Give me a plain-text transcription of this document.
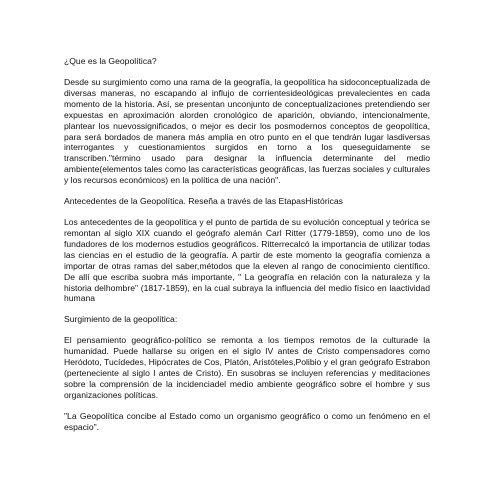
¿Que es la Geopolítica?

Desde su surgimiento como una rama de la geografía, la geopolítica ha sidoconceptualizada de diversas maneras, no escapando al influjo de corrientesideológicas prevalecientes en cada momento de la historia. Así, se presentan unconjunto de conceptualizaciones pretendiendo ser expuestas en aproximación alorden cronológico de aparición, obviando, intencionalmente, plantear los nuevossignificados, o mejor es decir los posmodernos conceptos de geopolítica, para será bordados de manera más amplia en otro punto en el que tendrán lugar lasdiversas interrogantes y cuestionamientos surgidos en torno a los queseguidamente se transcriben."término usado para designar la influencia determinante del medio ambiente(elementos tales como las características geográficas, las fuerzas sociales y culturales y los recursos económicos) en la política de una nación".

Antecedentes de la Geopolítica. Reseña a través de las EtapasHistóricas

Los antecedentes de la geopolítica y el punto de partida de su evolución conceptual y teórica se remontan al siglo XIX cuando el geógrafo alemán Carl Ritter (1779-1859), como uno de los fundadores de los modernos estudios geográficos. Ritterrecalcó la importancia de utilizar todas las ciencias en el estudio de la geografía. A partir de este momento la geografía comienza a importar de otras ramas del saber,métodos que la eleven al rango de conocimiento científico. De allí que escriba suobra más importante, " La geografía en relación con la naturaleza y la historia delhombre" (1817-1859), en la cual subraya la influencia del medio físico en laactividad humana

Surgimiento de la geopolítica:

El pensamiento geográfico-político se remonta a los tiempos remotos de la culturade la humanidad. Puede hallarse su origen en el siglo IV antes de Cristo compensadores como Heródoto, Tucídedes, Hipócrates de Cos, Platón, Aristóteles,Polibio y el gran geógrafo Estrabon (perteneciente al siglo I antes de Cristo). En susobras se incluyen referencias y meditaciones sobre la comprensión de la incidenciadel medio ambiente geográfico sobre el hombre y sus organizaciones políticas.

"La Geopolítica concibe al Estado como un organismo geográfico o como un fenómeno en el espacio".
